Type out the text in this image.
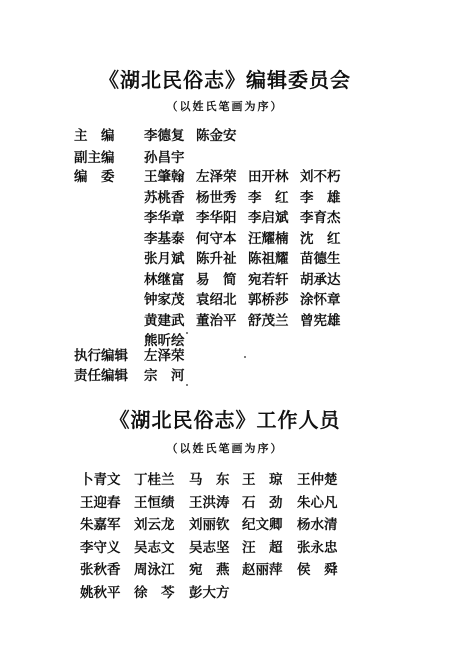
《湖北民俗志》编辑委员会
（以姓氏笔画为序）
主　编 李德复 陈金安
副主编 孙昌宇
编　委 王肇翰 左泽荣 田开林 刘不朽
苏桃香 杨世秀 李　红 李　雄
李华章 李华阳 李启斌 李育杰
李基泰 何守本 汪耀楠 沈　红
张月斌 陈升祉 陈祖耀 苗德生
林继富 易　简 宛若轩 胡承达
钟家茂 袁绍北 郭桥莎 涂怀章
黄建武 董治平 舒茂兰 曾宪雄
熊昕绘
执行编辑 左泽荣
责任编辑 宗　河
《湖北民俗志》工作人员
（以姓氏笔画为序）
卜青文 丁桂兰 马　东 王　琼 王仲楚
王迎春 王恒绩 王洪涛 石　劲 朱心凡
朱嘉军 刘云龙 刘丽钦 纪文卿 杨水清
李守义 吴志文 吴志坚 汪　超 张永忠
张秋香 周泳江 宛　燕 赵丽萍 侯　舜
姚秋平 徐　芩 彭大方
